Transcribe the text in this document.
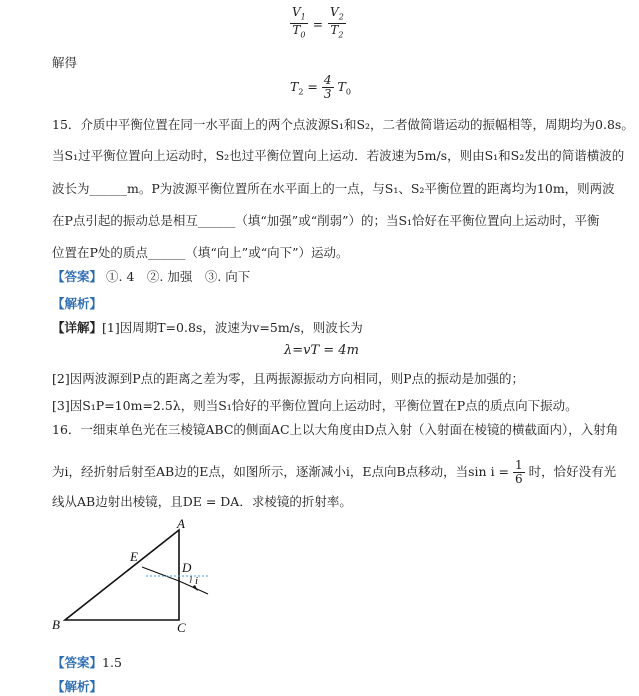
$\frac{V_1}{T_0} = \frac{V_2}{T_2}$
解得
$T_2 = \frac{4}{3} T_0$
15．介质中平衡位置在同一水平面上的两个点波源S₁和S₂，二者做简谐运动的振幅相等，周期均为0.8s。
当S₁过平衡位置向上运动时，S₂也过平衡位置向上运动．若波速为5m/s，则由S₁和S₂发出的简谐横波的
波长为______m。P为波源平衡位置所在水平面上的一点，与S₁、S₂平衡位置的距离均为10m，则两波
在P点引起的振动总是相互______（填“加强”或“削弱”）的；当S₁恰好在平衡位置向上运动时，平衡
位置在P处的质点______（填“向上”或“向下”）运动。
【答案】 ①. 4　②. 加强　③. 向下
【解析】
【详解】[1]因周期T=0.8s，波速为v=5m/s，则波长为
λ=vT = 4m
[2]因两波源到P点的距离之差为零，且两振源振动方向相同，则P点的振动是加强的；
[3]因S₁P=10m=2.5λ，则当S₁恰好的平衡位置向上运动时，平衡位置在P点的质点向下振动。
16．一细束单色光在三棱镜ABC的侧面AC上以大角度由D点入射（入射面在棱镜的横截面内），入射角
为i，经折射后射至AB边的E点，如图所示，逐渐减小i，E点向B点移动，当$\sin i = \frac{1}{6}$ 时，恰好没有光
线从AB边射出棱镜，且DE = DA．求棱镜的折射率。
A
B	C
D
E
i
【答案】1.5
【解析】
